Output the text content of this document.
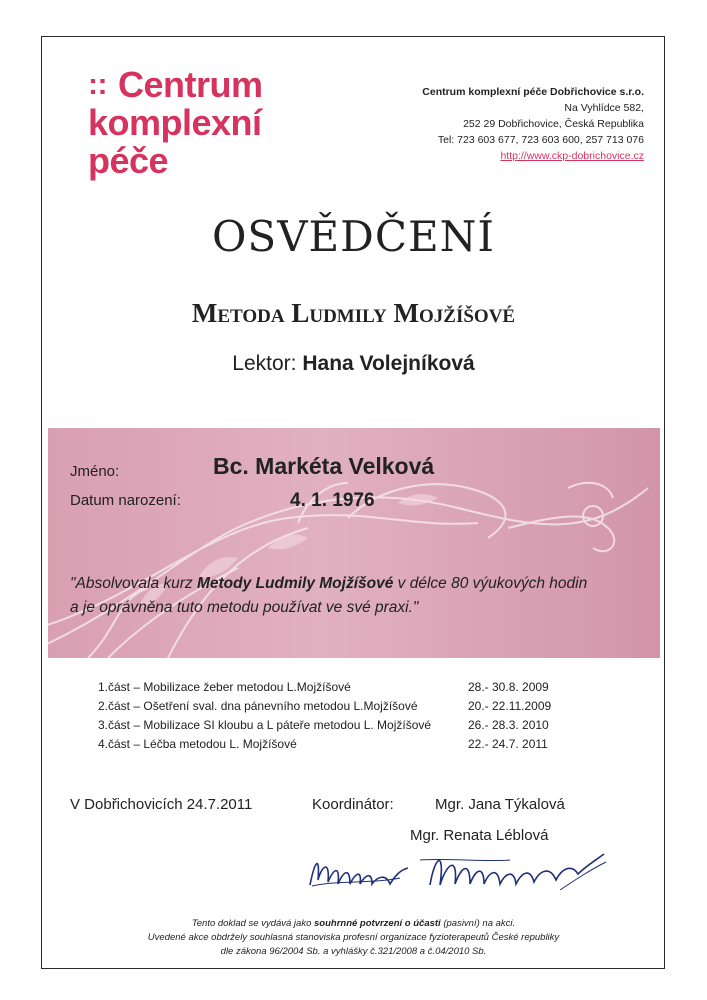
:: Centrum
komplexní
péče
Centrum komplexní péče Dobřichovice s.r.o.
Na Vyhlídce 582,
252 29 Dobřichovice, Česká Republika
Tel: 723 603 677, 723 603 600, 257 713 076
http://www.ckp-dobrichovice.cz
OSVĚDČENÍ
Metoda Ludmily Mojžíšové
Lektor: Hana Volejníková
Jméno:	Bc. Markéta Velková
Datum narození:	4. 1. 1976
"Absolvovala kurz Metody Ludmily Mojžíšové v délce 80 výukových hodin
a je oprávněna tuto metodu používat ve své praxi."
1.část – Mobilizace žeber metodou L.Mojžíšové	28.- 30.8. 2009
2.část – Ošetření sval. dna pánevního metodou L.Mojžíšové	20.- 22.11.2009
3.část – Mobilizace SI kloubu a L páteře metodou L. Mojžíšové	26.- 28.3. 2010
4.část – Léčba metodou L. Mojžíšové	22.- 24.7. 2011
V Dobřichovicích 24.7.2011	Koordinátor:	Mgr. Jana Týkalová
Mgr. Renata Léblová
Tento doklad se vydává jako souhrnné potvrzení o účasti (pasivní) na akci.
Uvedené akce obdržely souhlasná stanoviska profesní organizace fyzioterapeutů České republiky
dle zákona 96/2004 Sb. a vyhlášky č.321/2008 a č.04/2010 Sb.
